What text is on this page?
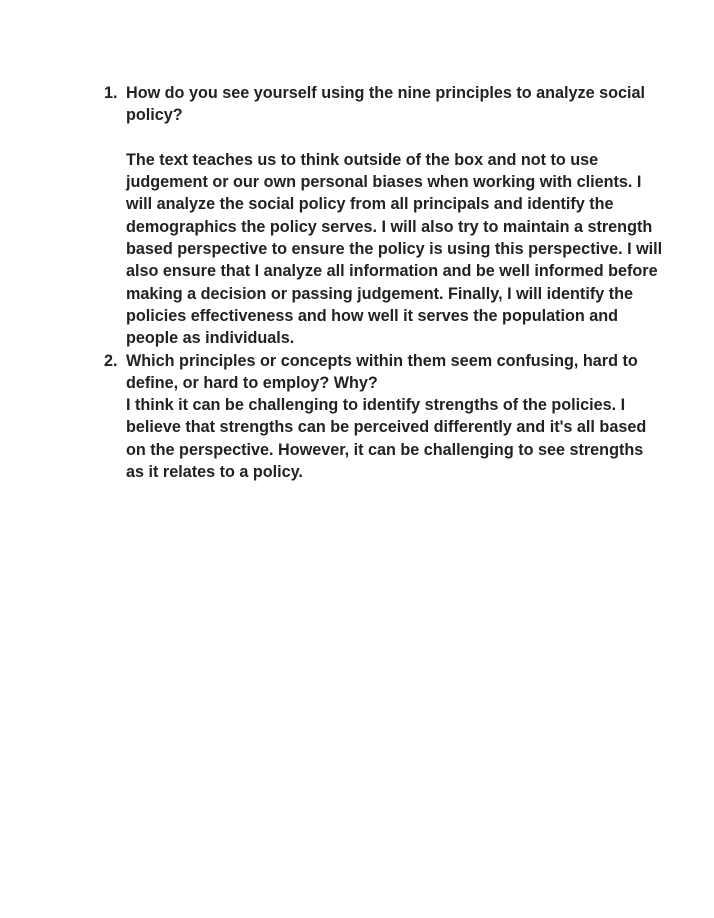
1. How do you see yourself using the nine principles to analyze social policy?

The text teaches us to think outside of the box and not to use judgement or our own personal biases when working with clients. I will analyze the social policy from all principals and identify the demographics the policy serves. I will also try to maintain a strength based perspective to ensure the policy is using this perspective. I will also ensure that I analyze all information and be well informed before making a decision or passing judgement. Finally, I will identify the policies effectiveness and how well it serves the population and people as individuals.

2. Which principles or concepts within them seem confusing, hard to define, or hard to employ? Why?

I think it can be challenging to identify strengths of the policies. I believe that strengths can be perceived differently and it's all based on the perspective. However, it can be challenging to see strengths as it relates to a policy.
